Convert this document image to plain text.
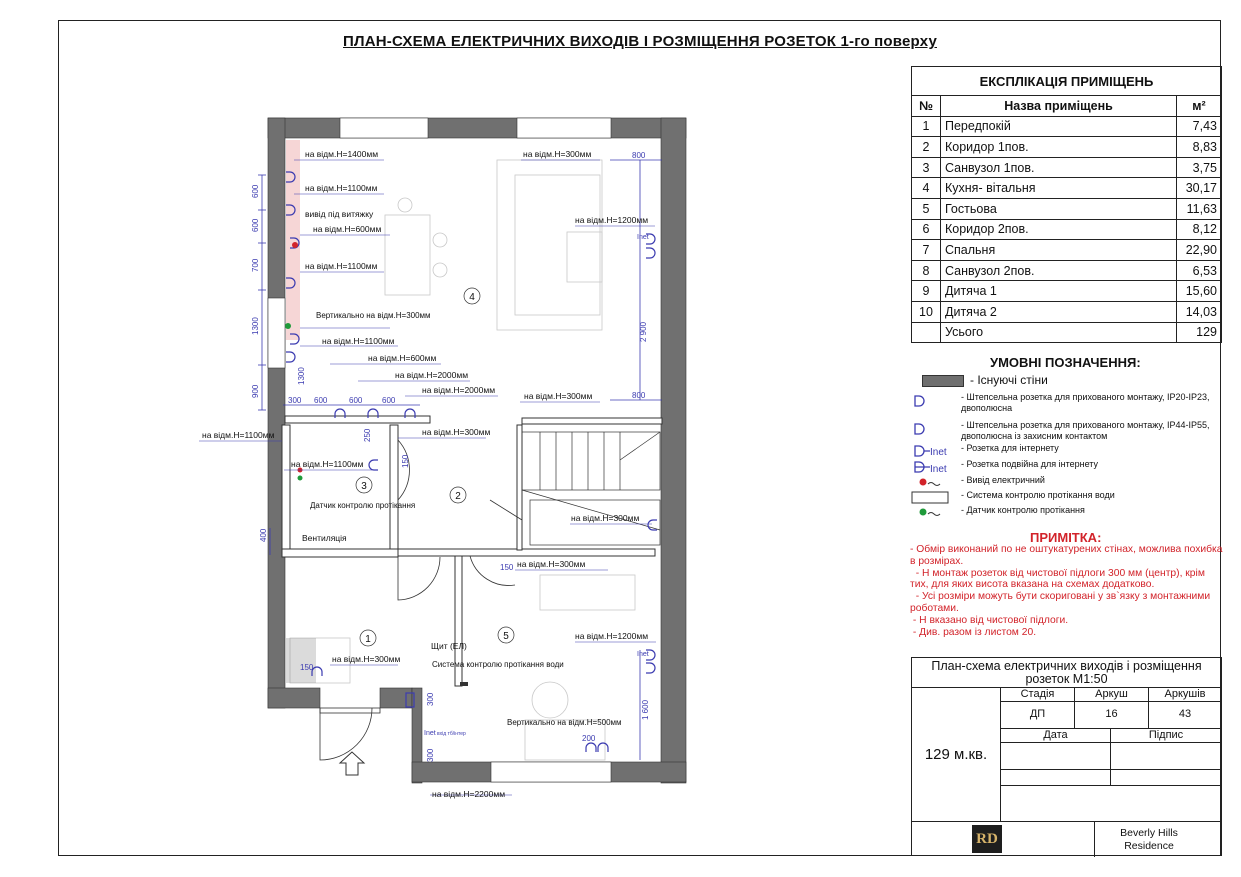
ПЛАН-СХЕМА ЕЛЕКТРИЧНИХ ВИХОДІВ І РОЗМІЩЕННЯ РОЗЕТОК 1-го поверху
600
600
700
1300
900
1300
300 600	600 600
800
2 900
800
250
150
400
150
150
1 600
200
300
300
на відм.Н=1400мм
на відм.Н=1100мм
вивід під витяжку
на відм.Н=600мм
на відм.Н=1100мм
Вертикально на відм.Н=300мм
на відм.Н=1100мм
на відм.Н=600мм
на відм.Н=2000мм
на відм.Н=2000мм
на відм.Н=300мм
на відм.Н=1200мм
на відм.Н=300мм
на відм.Н=1100мм	на відм.Н=300мм
на відм.Н=1100мм
на відм.Н=300мм
на відм.Н=300мм
на відм.Н=1200мм
на відм.Н=300мм
Щит (ЕЛ)
Система контролю протікання води
Вертикально на відм.Н=500мм
на відм.Н=2200мм
Датчик контролю протікання
Вентиляція
Inet
Inet
Inet вхід тб/інтер
1
2
3
4
5
ЕКСПЛІКАЦІЯ ПРИМІЩЕНЬ		
№	Назва приміщень	м²
1	Передпокій	7,43
2	Коридор 1пов.	8,83
3	Санвузол 1пов.	3,75
4	Кухня- вітальня	30,17
5	Гостьова	11,63
6	Коридор 2пов.	8,12
7	Спальня	22,90
8	Санвузол 2пов.	6,53
9	Дитяча 1	15,60
10	Дитяча 2	14,03
	Усього	129
УМОВНІ ПОЗНАЧЕННЯ:
- Існуючі стіни
- Штепсельна розетка для прихованого монтажу, IP20-IP23, двополюсна
- Штепсельна розетка для прихованого монтажу, IP44-IP55, двополюсна із захисним контактом
Inet - Розетка для інтернету
Inet - Розетка подвійна для інтернету
- Вивід електричний
- Система контролю протікання води
- Датчик контролю протікання
ПРИМІТКА:
- Обмір виконаний по не оштукатурених стінах, можлива похибка в розмірах.
- Н монтаж розеток від чистової підлоги 300 мм (центр), крім тих, для яких висота вказана на схемах додатково.
- Усі розміри можуть бути скориговані у зв`язку з монтажними роботами.
- Н вказано від чистової підлоги.
- Див. разом із листом 20.
План-схема електричних виходів і розміщення розеток М1:50
Стадія	Аркуш	Аркушів
ДП	16	43
Дата	Підпис
129 м.кв.
RD	Beverly Hills Residence
